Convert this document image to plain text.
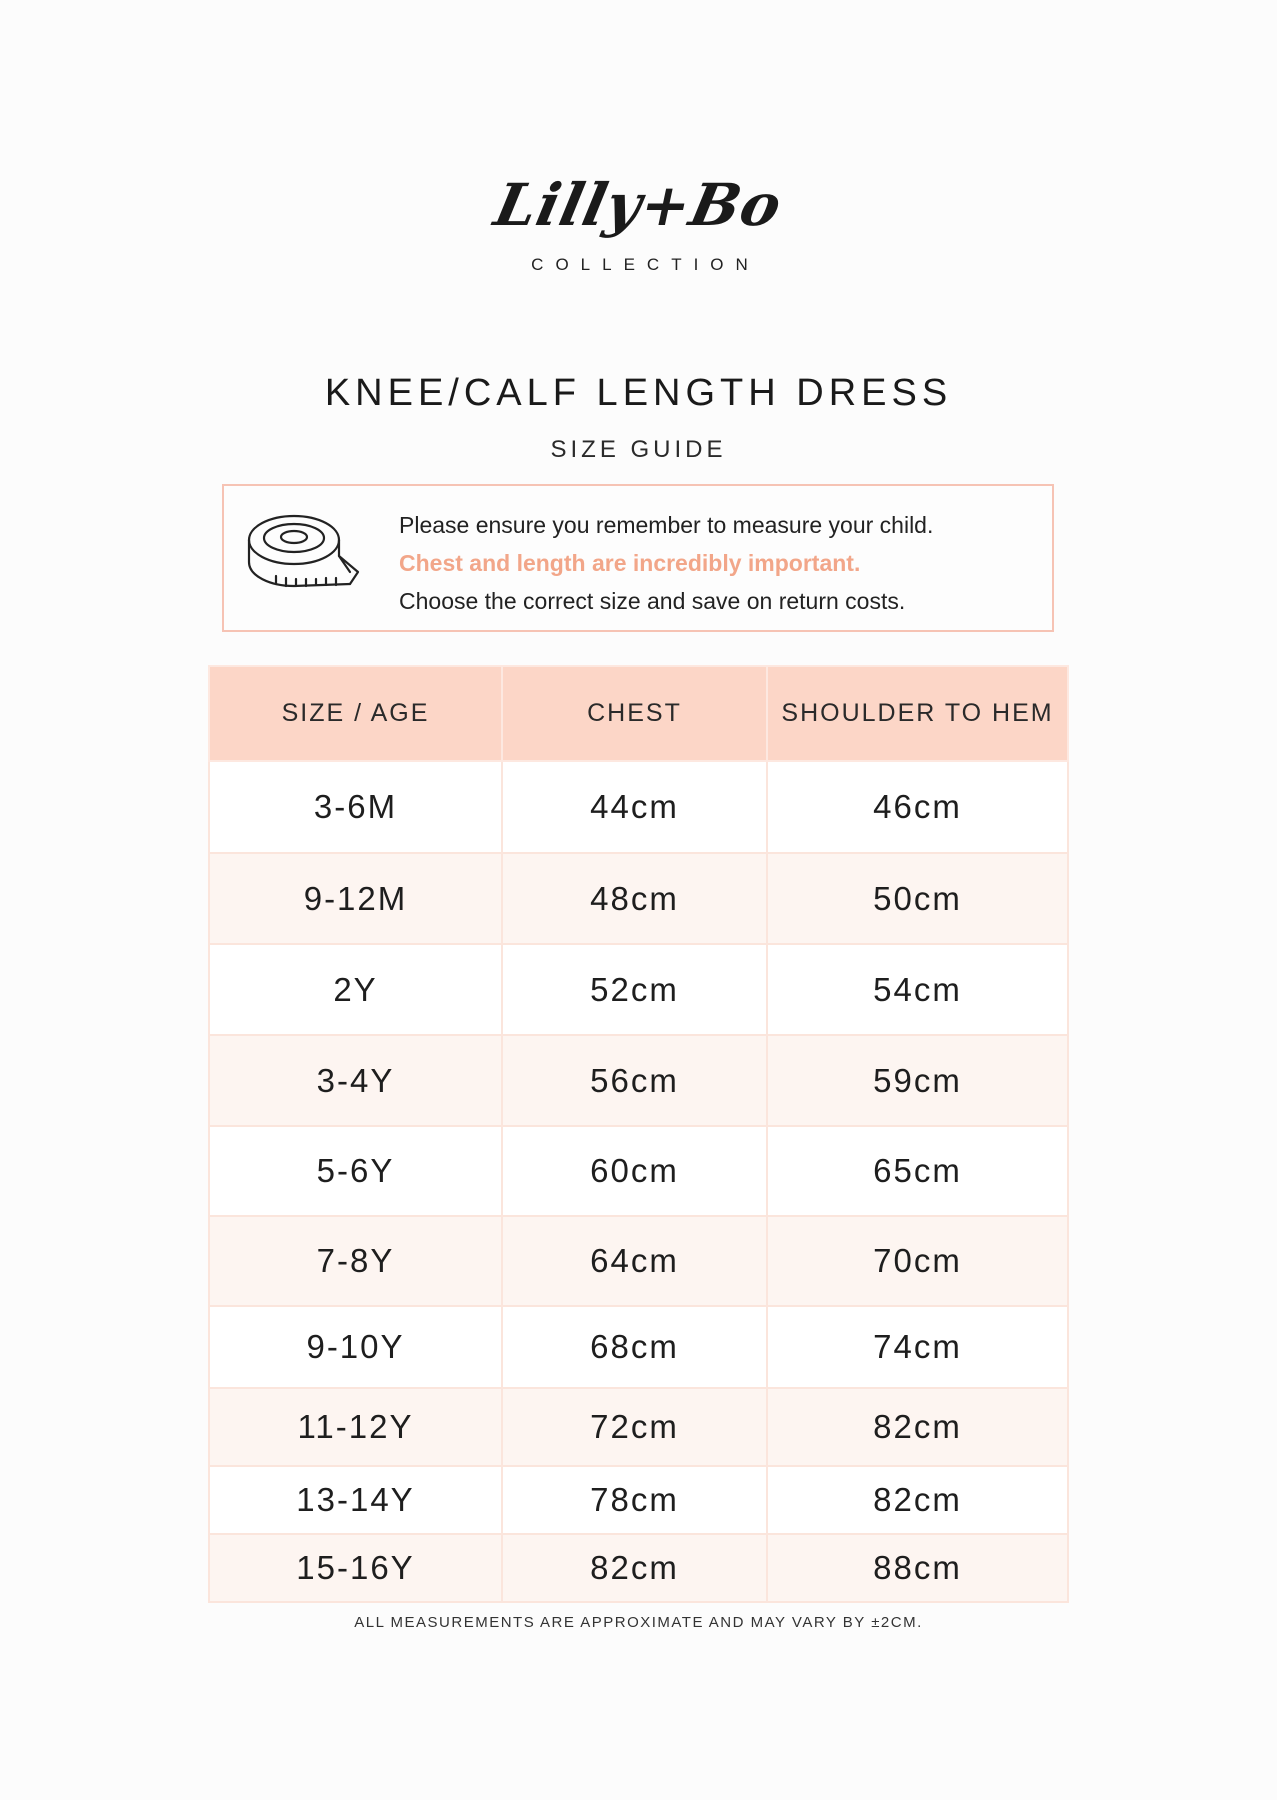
Lilly+Bo
COLLECTION
KNEE/CALF LENGTH DRESS
SIZE GUIDE
Please ensure you remember to measure your child.
Chest and length are incredibly important.
Choose the correct size and save on return costs.
SIZE / AGE	CHEST	SHOULDER TO HEM
3-6M	44cm	46cm
9-12M	48cm	50cm
2Y	52cm	54cm
3-4Y	56cm	59cm
5-6Y	60cm	65cm
7-8Y	64cm	70cm
9-10Y	68cm	74cm
11-12Y	72cm	82cm
13-14Y	78cm	82cm
15-16Y	82cm	88cm
ALL MEASUREMENTS ARE APPROXIMATE AND MAY VARY BY ±2CM.
